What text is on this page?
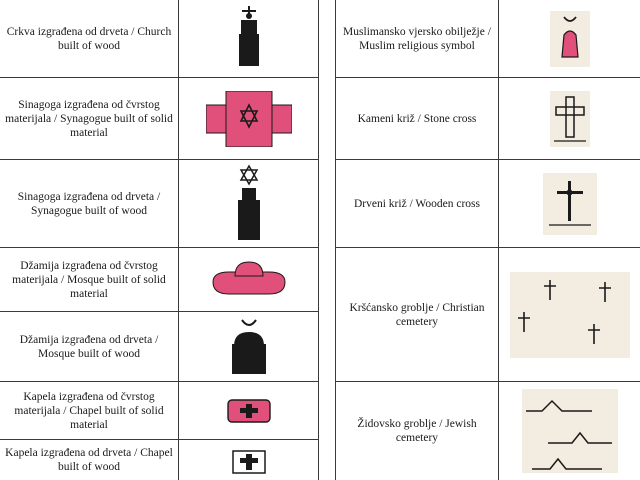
Crkva izgrađena od drveta / Church built of wood
Sinagoga izgrađena od čvrstog materijala / Synagogue built of solid material
Sinagoga izgrađena od drveta / Synagogue built of wood
Džamija izgrađena od čvrstog materijala / Mosque built of solid material
Džamija izgrađena od drveta / Mosque built of wood
Kapela izgrađena od čvrstog materijala / Chapel built of solid material
Kapela izgrađena od drveta / Chapel built of wood
Muslimansko vjersko obilježje / Muslim religious symbol
Kameni križ / Stone cross
Drveni križ / Wooden cross
Kršćansko groblje / Christian cemetery
Židovsko groblje / Jewish cemetery
